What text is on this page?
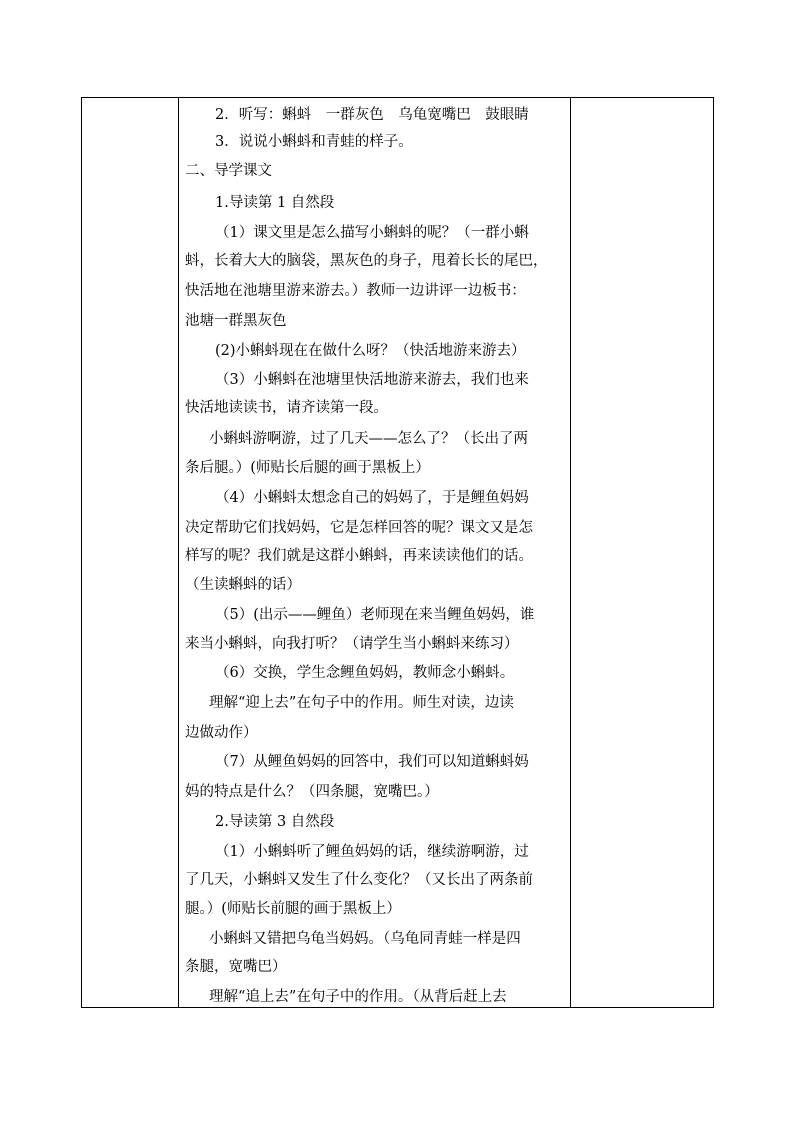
2．听写：蝌蚪　一群灰色　乌龟宽嘴巴　鼓眼睛
3．说说小蝌蚪和青蛙的样子。
二、导学课文
1.导读第 1 自然段
（1）课文里是怎么描写小蝌蚪的呢？（一群小蝌
蚪，长着大大的脑袋，黑灰色的身子，甩着长长的尾巴，
快活地在池塘里游来游去。）教师一边讲评一边板书：
池塘一群黑灰色
(2)小蝌蚪现在在做什么呀？（快活地游来游去）
（3）小蝌蚪在池塘里快活地游来游去，我们也来
快活地读读书，请齐读第一段。
小蝌蚪游啊游，过了几天——怎么了？（长出了两
条后腿。）(师贴长后腿的画于黑板上）
（4）小蝌蚪太想念自己的妈妈了，于是鲤鱼妈妈
决定帮助它们找妈妈，它是怎样回答的呢？课文又是怎
样写的呢？我们就是这群小蝌蚪，再来读读他们的话。
（生读蝌蚪的话）
（5）(出示——鲤鱼）老师现在来当鲤鱼妈妈，谁
来当小蝌蚪，向我打听？（请学生当小蝌蚪来练习）
（6）交换，学生念鲤鱼妈妈，教师念小蝌蚪。
理解“迎上去”在句子中的作用。师生对读，边读
边做动作）
（7）从鲤鱼妈妈的回答中，我们可以知道蝌蚪妈
妈的特点是什么？（四条腿，宽嘴巴。）
2.导读第 3 自然段
（1）小蝌蚪听了鲤鱼妈妈的话，继续游啊游，过
了几天，小蝌蚪又发生了什么变化？（又长出了两条前
腿。）(师贴长前腿的画于黑板上）
小蝌蚪又错把乌龟当妈妈。（乌龟同青蛙一样是四
条腿，宽嘴巴）
理解“追上去”在句子中的作用。（从背后赶上去
